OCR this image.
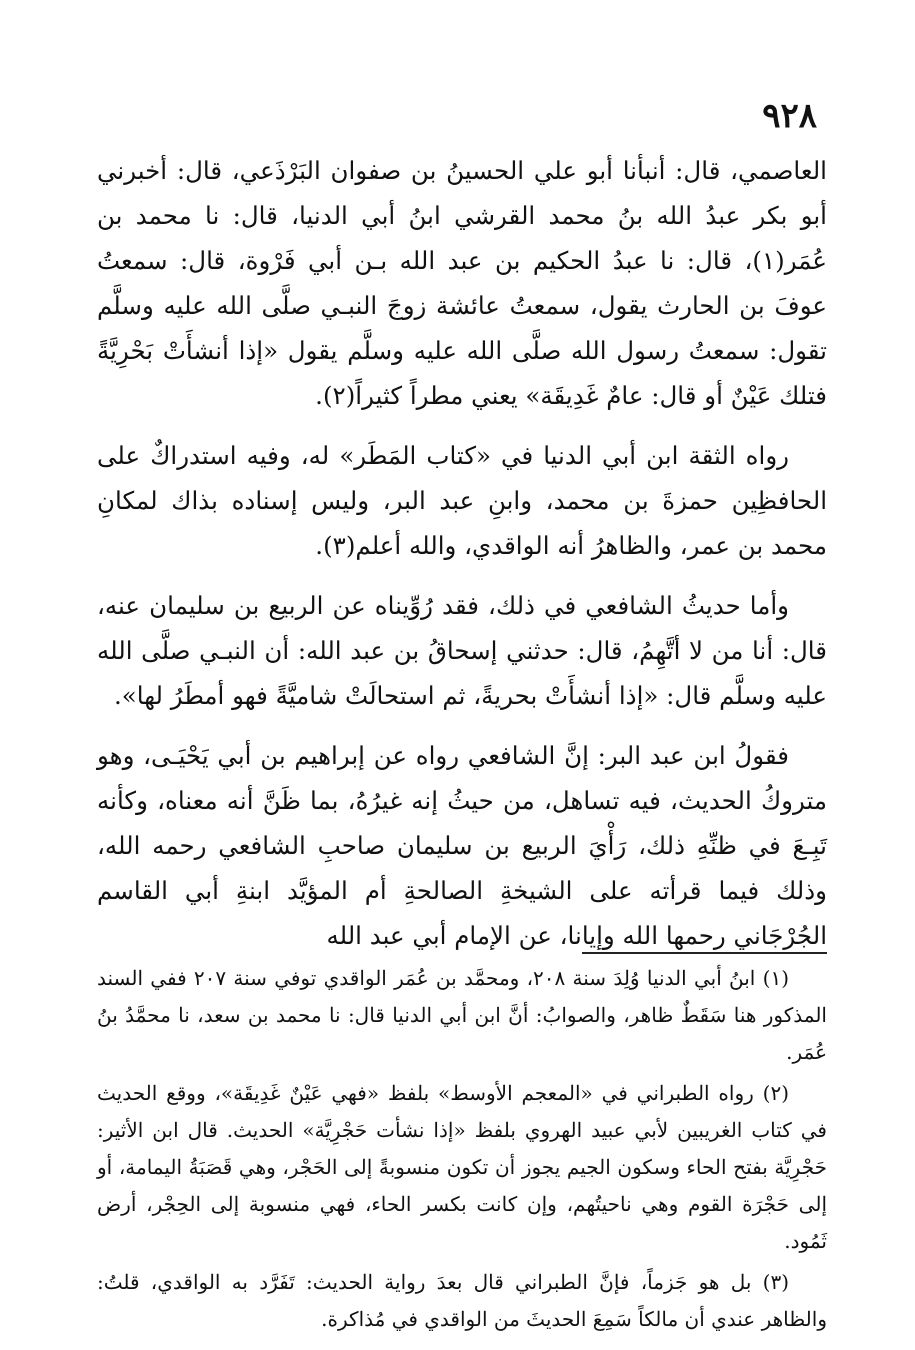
٩٢٨

العاصمي، قال: أنبأنا أبو علي الحسينُ بن صفوان البَرْذَعي، قال: أخبرني أبو بكر عبدُ الله بنُ محمد القرشي ابنُ أبي الدنيا، قال: نا محمد بن عُمَر(١)، قال: نا عبدُ الحكيم بن عبد الله بـن أبي فَرْوة، قال: سمعتُ عوفَ بن الحارث يقول، سمعتُ عائشة زوجَ النبـي صلَّى الله عليه وسلَّم تقول: سمعتُ رسول الله صلَّى الله عليه وسلَّم يقول «إذا أنشأَتْ بَحْرِيَّةً فتلك عَيْنٌ أو قال: عامٌ غَدِيقَة» يعني مطراً كثيراً(٢).

رواه الثقة ابن أبي الدنيا في «كتاب المَطَر» له، وفيه استدراكٌ على الحافظِين حمزةَ بن محمد، وابنِ عبد البر، وليس إسناده بذاك لمكانِ محمد بن عمر، والظاهرُ أنه الواقدي، والله أعلم(٣).

وأما حديثُ الشافعي في ذلك، فقد رُوِّيناه عن الربيع بن سليمان عنه، قال: أنا من لا أتَّهِمُ، قال: حدثني إسحاقُ بن عبد الله: أن النبـي صلَّى الله عليه وسلَّم قال: «إذا أنشأَتْ بحريةً، ثم استحالَتْ شاميَّةً فهو أمطَرُ لها».

فقولُ ابن عبد البر: إنَّ الشافعي رواه عن إبراهيم بن أبي يَحْيَـى، وهو متروكُ الحديث، فيه تساهل، من حيثُ إنه غيرُهُ، بما ظَنَّ أنه معناه، وكأنه تَبِـعَ في ظنِّهِ ذلك، رَأْيَ الربيع بن سليمان صاحبِ الشافعي رحمه الله، وذلك فيما قرأته على الشيخةِ الصالحةِ أم المؤيَّد ابنةِ أبي القاسم الجُرْجَاني رحمها الله وإيانا، عن الإمام أبي عبد الله

(١) ابنُ أبي الدنيا وُلِدَ سنة ٢٠٨، ومحمَّد بن عُمَر الواقدي توفي سنة ٢٠٧ ففي السند المذكور هنا سَقَطٌ ظاهر، والصوابُ: أنَّ ابن أبي الدنيا قال: نا محمد بن سعد، نا محمَّدُ بنُ عُمَر.

(٢) رواه الطبراني في «المعجم الأوسط» بلفظ «فهي عَيْنٌ غَدِيقَة»، ووقع الحديث في كتاب الغريبين لأبي عبيد الهروي بلفظ «إذا نشأت حَجْرِيَّة» الحديث. قال ابن الأثير: حَجْرِيَّة بفتح الحاء وسكون الجيم يجوز أن تكون منسوبةً إلى الحَجْر، وهي قَصَبَةُ اليمامة، أو إلى حَجْرَة القوم وهي ناحيتُهم، وإن كانت بكسر الحاء، فهي منسوبة إلى الحِجْر، أرض ثَمُود.

(٣) بل هو جَزماً، فإنَّ الطبراني قال بعدَ رواية الحديث: تَفَرَّد به الواقدي، قلتُ: والظاهر عندي أن مالكاً سَمِعَ الحديثَ من الواقدي في مُذاكرة.
